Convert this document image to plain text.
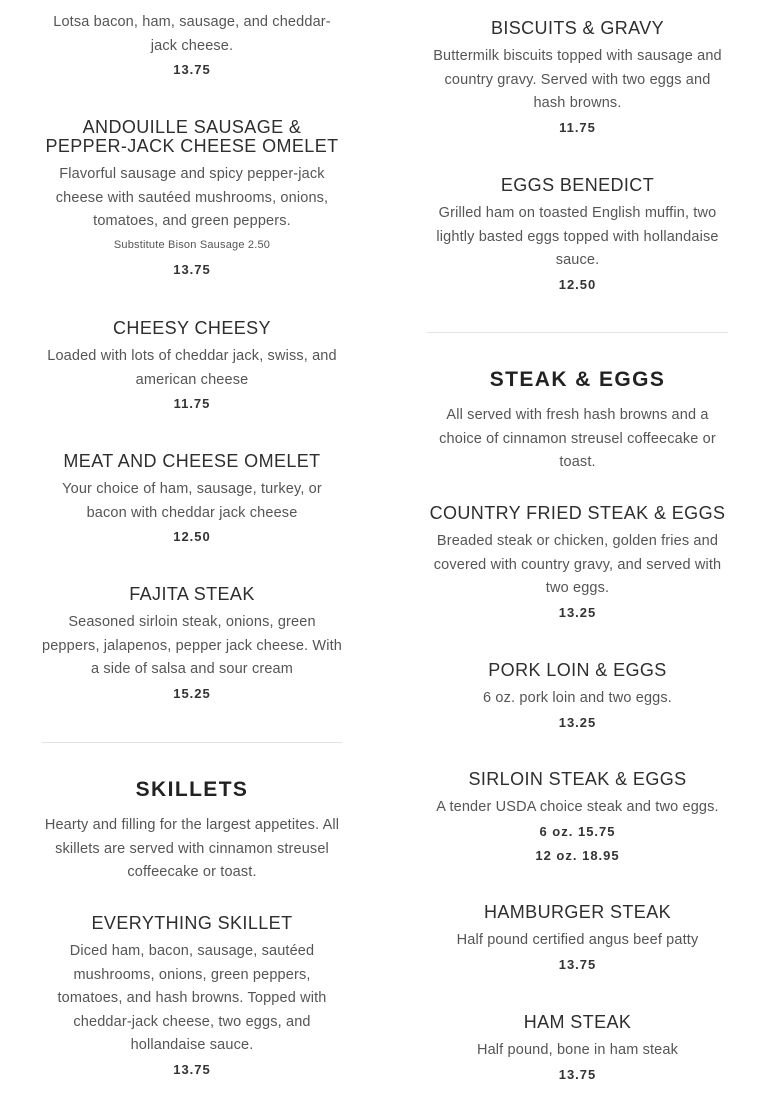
Lotsa bacon, ham, sausage, and cheddar-jack cheese.
13.75
ANDOUILLE SAUSAGE & PEPPER-JACK CHEESE OMELET
Flavorful sausage and spicy pepper-jack cheese with sautéed mushrooms, onions, tomatoes, and green peppers.
Substitute Bison Sausage 2.50
13.75
CHEESY CHEESY
Loaded with lots of cheddar jack, swiss, and american cheese
11.75
MEAT AND CHEESE OMELET
Your choice of ham, sausage, turkey, or bacon with cheddar jack cheese
12.50
FAJITA STEAK
Seasoned sirloin steak, onions, green peppers, jalapenos, pepper jack cheese. With a side of salsa and sour cream
15.25
SKILLETS
Hearty and filling for the largest appetites. All skillets are served with cinnamon streusel coffeecake or toast.
EVERYTHING SKILLET
Diced ham, bacon, sausage, sautéed mushrooms, onions, green peppers, tomatoes, and hash browns. Topped with cheddar-jack cheese, two eggs, and hollandaise sauce.
13.75
BISCUITS & GRAVY
Buttermilk biscuits topped with sausage and country gravy. Served with two eggs and hash browns.
11.75
EGGS BENEDICT
Grilled ham on toasted English muffin, two lightly basted eggs topped with hollandaise sauce.
12.50
STEAK & EGGS
All served with fresh hash browns and a choice of cinnamon streusel coffeecake or toast.
COUNTRY FRIED STEAK & EGGS
Breaded steak or chicken, golden fries and covered with country gravy, and served with two eggs.
13.25
PORK LOIN & EGGS
6 oz. pork loin and two eggs.
13.25
SIRLOIN STEAK & EGGS
A tender USDA choice steak and two eggs.
6 oz. 15.75
12 oz. 18.95
HAMBURGER STEAK
Half pound certified angus beef patty
13.75
HAM STEAK
Half pound, bone in ham steak
13.75
